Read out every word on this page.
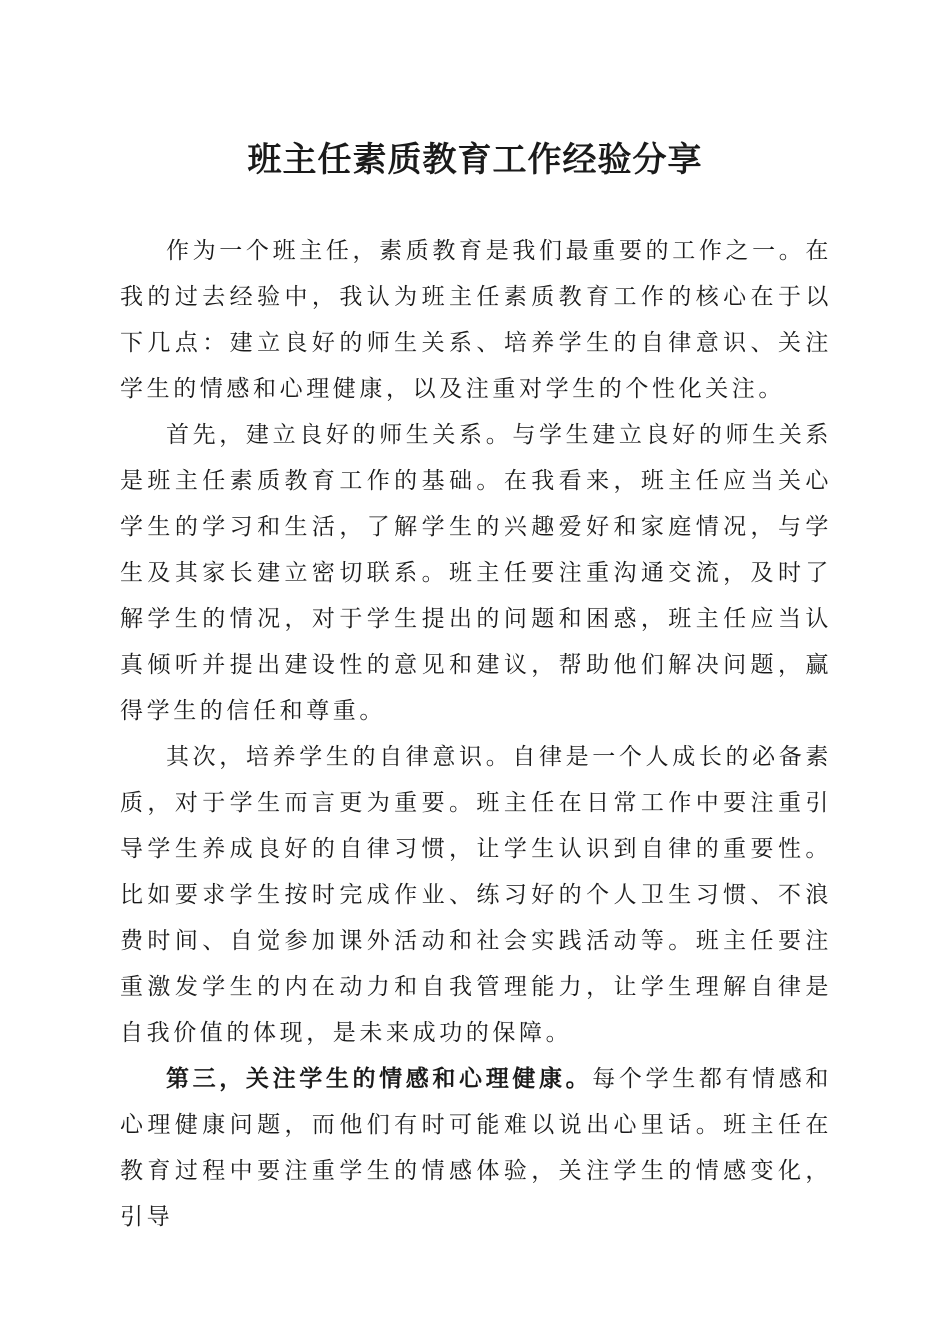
班主任素质教育工作经验分享

作为一个班主任，素质教育是我们最重要的工作之一。在我的过去经验中，我认为班主任素质教育工作的核心在于以下几点：建立良好的师生关系、培养学生的自律意识、关注学生的情感和心理健康，以及注重对学生的个性化关注。

首先，建立良好的师生关系。与学生建立良好的师生关系是班主任素质教育工作的基础。在我看来，班主任应当关心学生的学习和生活，了解学生的兴趣爱好和家庭情况，与学生及其家长建立密切联系。班主任要注重沟通交流，及时了解学生的情况，对于学生提出的问题和困惑，班主任应当认真倾听并提出建设性的意见和建议，帮助他们解决问题，赢得学生的信任和尊重。

其次，培养学生的自律意识。自律是一个人成长的必备素质，对于学生而言更为重要。班主任在日常工作中要注重引导学生养成良好的自律习惯，让学生认识到自律的重要性。比如要求学生按时完成作业、练习好的个人卫生习惯、不浪费时间、自觉参加课外活动和社会实践活动等。班主任要注重激发学生的内在动力和自我管理能力，让学生理解自律是自我价值的体现，是未来成功的保障。

第三，关注学生的情感和心理健康。每个学生都有情感和心理健康问题，而他们有时可能难以说出心里话。班主任在教育过程中要注重学生的情感体验，关注学生的情感变化，引导
